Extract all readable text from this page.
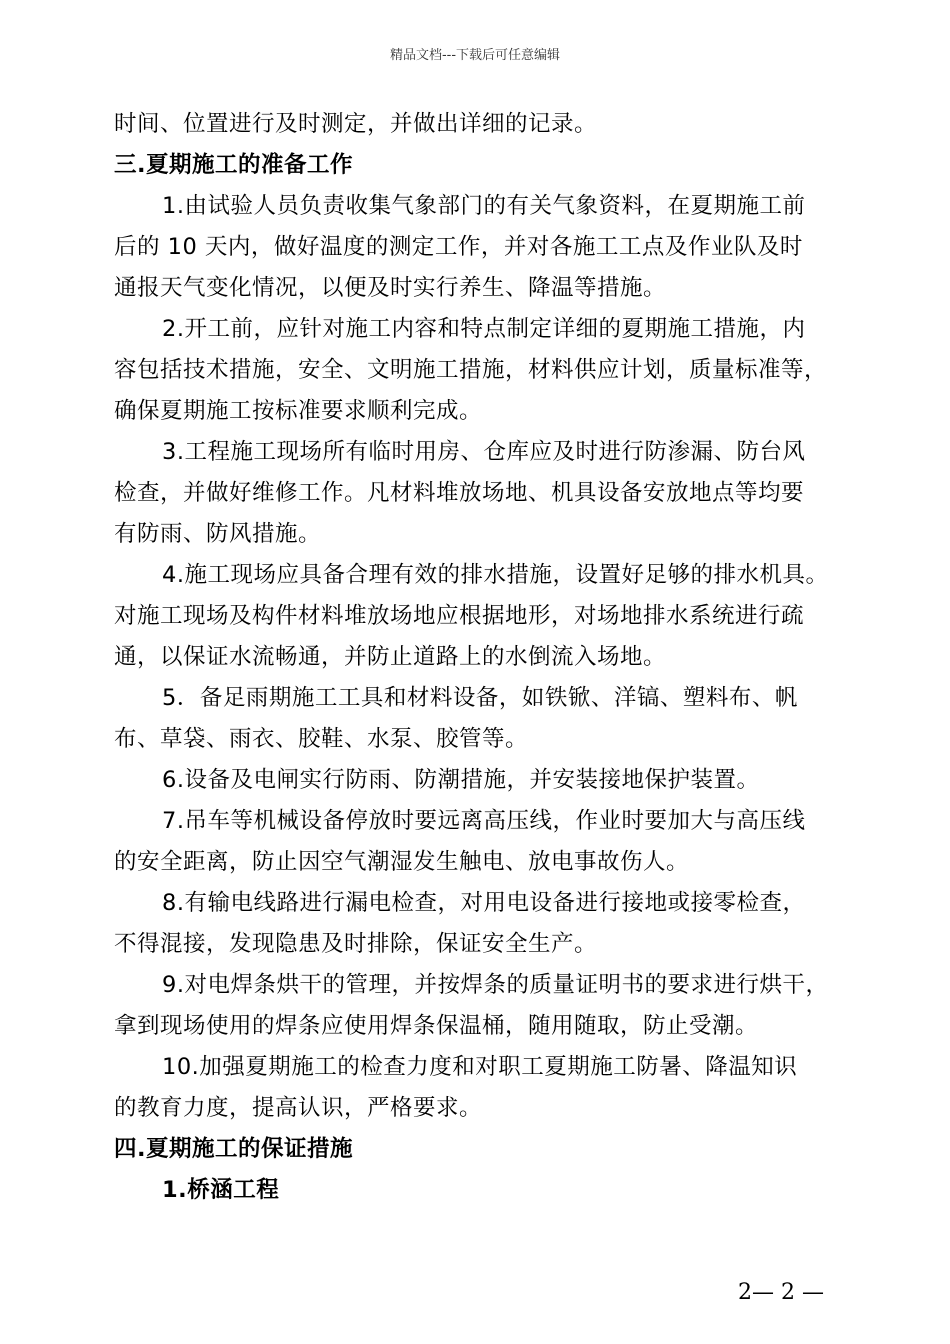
精品文档---下载后可任意编辑
时间、位置进行及时测定，并做出详细的记录。
三.夏期施工的准备工作
1.由试验人员负责收集气象部门的有关气象资料，在夏期施工前
后的 10 天内，做好温度的测定工作，并对各施工工点及作业队及时
通报天气变化情况，以便及时实行养生、降温等措施。
2.开工前，应针对施工内容和特点制定详细的夏期施工措施，内
容包括技术措施，安全、文明施工措施，材料供应计划，质量标准等，
确保夏期施工按标准要求顺利完成。
3.工程施工现场所有临时用房、仓库应及时进行防渗漏、防台风
检查，并做好维修工作。凡材料堆放场地、机具设备安放地点等均要
有防雨、防风措施。
4.施工现场应具备合理有效的排水措施，设置好足够的排水机具。
对施工现场及构件材料堆放场地应根据地形，对场地排水系统进行疏
通，以保证水流畅通，并防止道路上的水倒流入场地。
5．备足雨期施工工具和材料设备，如铁锨、洋镐、塑料布、帆
布、草袋、雨衣、胶鞋、水泵、胶管等。
6.设备及电闸实行防雨、防潮措施，并安装接地保护装置。
7.吊车等机械设备停放时要远离高压线，作业时要加大与高压线
的安全距离，防止因空气潮湿发生触电、放电事故伤人。
8.有输电线路进行漏电检查，对用电设备进行接地或接零检查，
不得混接，发现隐患及时排除，保证安全生产。
9.对电焊条烘干的管理，并按焊条的质量证明书的要求进行烘干，
拿到现场使用的焊条应使用焊条保温桶，随用随取，防止受潮。
10.加强夏期施工的检查力度和对职工夏期施工防暑、降温知识
的教育力度，提高认识，严格要求。
四.夏期施工的保证措施
1.桥涵工程
2— 2 —
